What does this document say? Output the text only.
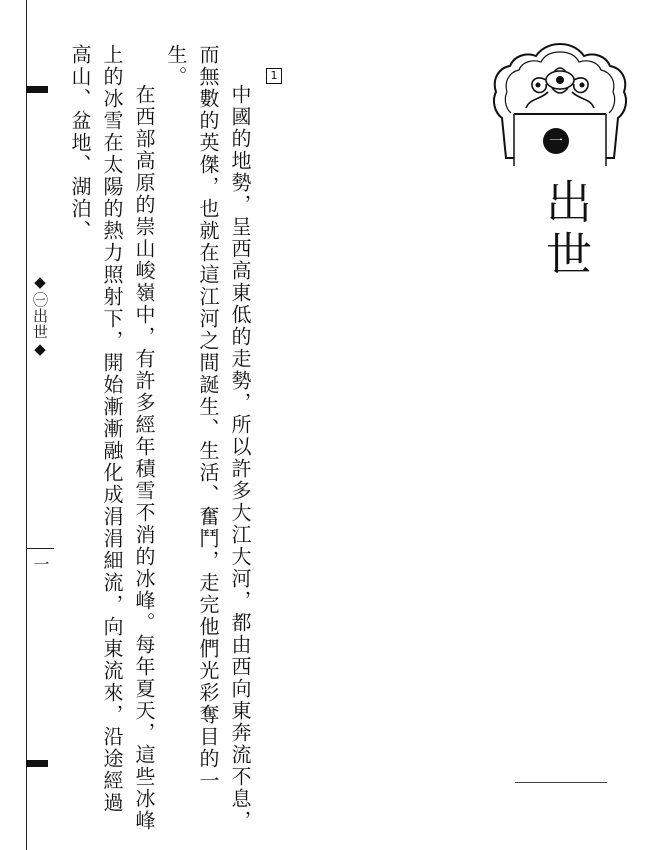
◆㊀出世◆
一
1

中國的地勢，呈西高東低的走勢，所以許多大江大河，都由西向東奔流不息，而無數的英傑，也就在這江河之間誕生、生活、奮鬥，走完他們光彩奪目的一生。

在西部高原的崇山峻嶺中，有許多經年積雪不消的冰峰。每年夏天，這些冰峰上的冰雪在太陽的熱力照射下，開始漸漸融化成涓涓細流，向東流來，沿途經過高山、盆地、湖泊、	一
出世
